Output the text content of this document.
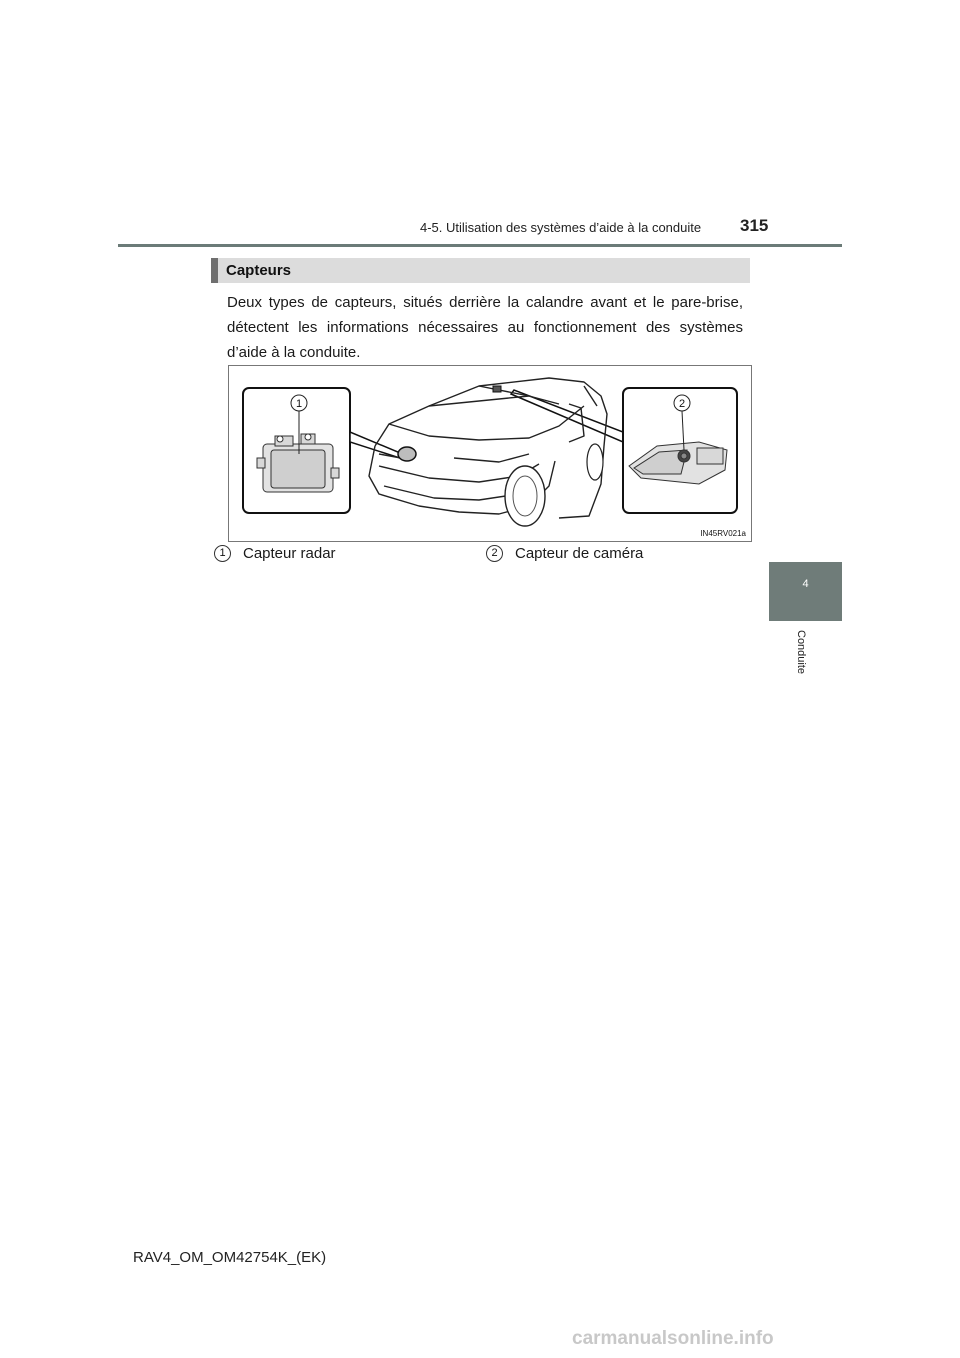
4-5. Utilisation des systèmes d’aide à la conduite 315
Capteurs
Deux types de capteurs, situés derrière la calandre avant et le pare-brise, détectent les informations nécessaires au fonctionnement des systèmes d’aide à la conduite.
1	2
IN45RV021a
1	Capteur radar	2	Capteur de caméra
4
Conduite
RAV4_OM_OM42754K_(EK)
carmanualsonline.info
